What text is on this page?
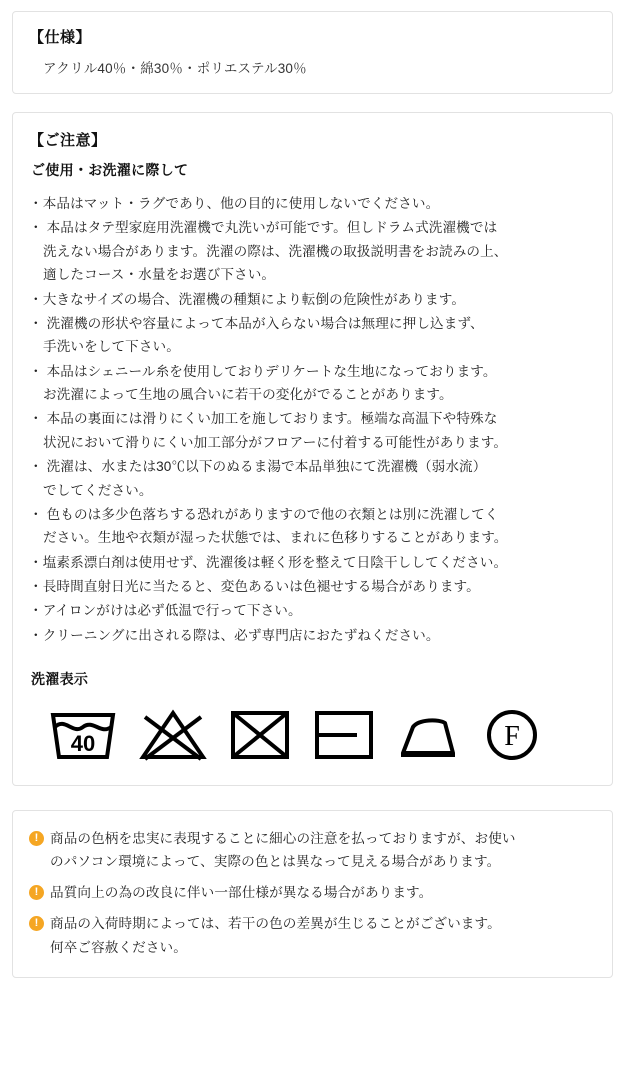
【仕様】
アクリル40％・綿30％・ポリエステル30％
【ご注意】
ご使用・お洗濯に際して
・ 本品はマット・ラグであり、他の目的に使用しないでください。
・ 本品はタテ型家庭用洗濯機で丸洗いが可能です。但しドラム式洗濯機では
洗えない場合があります。洗濯の際は、洗濯機の取扱説明書をお読みの上、
適したコース・水量をお選び下さい。
・ 大きなサイズの場合、洗濯機の種類により転倒の危険性があります。
・ 洗濯機の形状や容量によって本品が入らない場合は無理に押し込まず、
手洗いをして下さい。
・ 本品はシェニール糸を使用しておりデリケートな生地になっております。
お洗濯によって生地の風合いに若干の変化がでることがあります。
・ 本品の裏面には滑りにくい加工を施しております。極端な高温下や特殊な
状況において滑りにくい加工部分がフロアーに付着する可能性があります。
・ 洗濯は、水または30℃以下のぬるま湯で本品単独にて洗濯機（弱水流）
でしてください。
・ 色ものは多少色落ちする恐れがありますので他の衣類とは別に洗濯してく
ださい。生地や衣類が湿った状態では、まれに色移りすることがあります。
・ 塩素系漂白剤は使用せず、洗濯後は軽く形を整えて日陰干ししてください。
・ 長時間直射日光に当たると、変色あるいは色褪せする場合があります。
・ アイロンがけは必ず低温で行って下さい。
・ クリーニングに出される際は、必ず専門店におたずねください。
洗濯表示
40	F
! 商品の色柄を忠実に表現することに細心の注意を払っておりますが、お使い
のパソコン環境によって、実際の色とは異なって見える場合があります。
! 品質向上の為の改良に伴い一部仕様が異なる場合があります。
! 商品の入荷時期によっては、若干の色の差異が生じることがございます。
何卒ご容赦ください。
